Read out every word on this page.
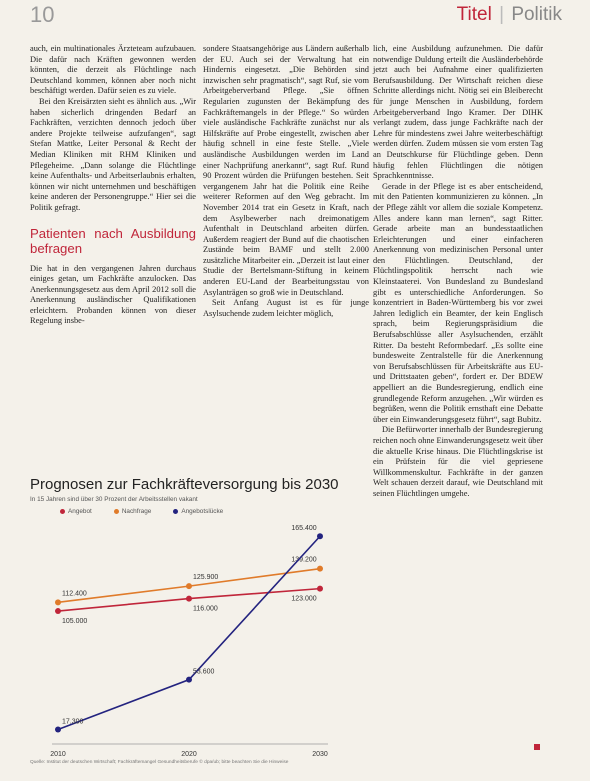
10	Titel | Politik

auch, ein multinationales Ärzteteam aufzubauen. Die dafür nach Kräften gewonnen werden könnten, die derzeit als Flüchtlinge nach Deutschland kommen, können aber noch nicht beschäftigt werden. Dafür seien es zu viele.

Bei den Kreisärzten sieht es ähnlich aus. „Wir haben sicherlich dringenden Bedarf an Fachkräften, verzichten dennoch jedoch über andere Projekte teilweise aufzufangen“, sagt Stefan Mattke, Leiter Personal & Recht der Median Kliniken mit RHM Kliniken und Pflegeheime. „Dann solange die Flüchtlinge keine Aufenthalts- und Arbeitserlaubnis erhalten, können wir nicht unternehmen und beschäftigen keine anderen der Personengruppe.“ Hier sei die Politik gefragt.

Patienten nach Ausbildung befragen

Die hat in den vergangenen Jahren durchaus einiges getan, um Fachkräfte anzulocken. Das Anerkennungsgesetz aus dem April 2012 soll die Anerkennung ausländischer Qualifikationen erleichtern. Probanden können von dieser Regelung insbe-

sondere Staatsangehörige aus Ländern außerhalb der EU. Auch sei der Verwaltung hat ein Hindernis eingesetzt. „Die Behörden sind inzwischen sehr pragmatisch“, sagt Ruf, sie vom Arbeitgeberverband Pflege. „Sie öffnen Regularien zugunsten der Bekämpfung des Fachkräftemangels in der Pflege.“ So würden viele ausländische Fachkräfte zunächst nur als Hilfskräfte auf Probe eingestellt, zwischen aber häufig schnell in eine feste Stelle. „Viele ausländische Ausbildungen werden im Land einer Nachprüfung anerkannt“, sagt Ruf. Rund 90 Prozent würden die Prüfungen bestehen. Seit vergangenem Jahr hat die Politik eine Reihe weiterer Reformen auf den Weg gebracht. Im November 2014 trat ein Gesetz in Kraft, nach dem Asylbewerber nach dreimonatigem Aufenthalt in Deutschland arbeiten dürfen. Außerdem reagiert der Bund auf die chaotischen Zustände beim BAMF und stellt 2.000 zusätzliche Mitarbeiter ein. „Derzeit ist laut einer Studie der Bertelsmann-Stiftung in keinem anderen EU-Land der Bearbeitungsstau von Asylanträgen so groß wie in Deutschland.

Seit Anfang August ist es für junge Asylsuchende zudem leichter möglich,

lich, eine Ausbildung aufzunehmen. Die dafür notwendige Duldung erteilt die Ausländerbehörde jetzt auch bei Aufnahme einer qualifizierten Berufsausbildung. Der Wirtschaft reichen diese Schritte allerdings nicht. Nötig sei ein Bleiberecht für junge Menschen in Ausbildung, fordern Arbeitgeberverband Ingo Kramer. Der DIHK verlangt zudem, dass junge Fachkräfte nach der Lehre für mindestens zwei Jahre weiterbeschäftigt werden dürfen. Zudem müssen sie vom ersten Tag an Deutschkurse für Flüchtlinge geben. Denn häufig fehlen Flüchtlingen die nötigen Sprachkenntnisse.

Gerade in der Pflege ist es aber entscheidend, mit den Patienten kommunizieren zu können. „In der Pflege zählt vor allem die soziale Kompetenz. Alles andere kann man lernen“, sagt Ritter. Gerade arbeite man an bundesstaatlichen Erleichterungen und einer einfacheren Anerkennung von medizinischen Personal unter den Flüchtlingen. Deutschland, der Flüchtlingspolitik herrscht nach wie Kleinstaaterei. Von Bundesland zu Bundesland gibt es unterschiedliche Anforderungen. So konzentriert in Baden-Württemberg bis vor zwei Jahren lediglich ein Beamter, der kein Englisch sprach, beim Regierungspräsidium die Berufsabschlüsse aller Asylsuchenden, erzählt Ritter. Da besteht Reformbedarf. „Es sollte eine bundesweite Zentralstelle für die Anerkennung von Berufsabschlüssen für Arbeitskräfte aus EU- und Drittstaaten geben“, fordert er. Der BDEW appelliert an die Bundesregierung, endlich eine grundlegende Reform anzugehen. „Wir würden es begrüßen, wenn die Politik ernsthaft eine Debatte über ein Einwanderungsgesetz führt“, sagt Bubitz.

Die Befürworter innerhalb der Bundesregierung reichen noch ohne Einwanderungsgesetz weit über die aktuelle Krise hinaus. Die Flüchtlingskrise ist ein Prüfstein für die viel gepriesene Willkommenskultur. Fachkräfte in der ganzen Welt schauen derzeit darauf, wie Deutschland mit seinen Flüchtlingen umgehe.

Prognosen zur Fachkräfteversorgung bis 2030
In 15 Jahren sind über 30 Prozent der Arbeitsstellen vakant
Angebot	Nachfrage	Angebotslücke
2010	2020	2030
105.000
116.000
123.000
112.400
125.900
139.200
17.300
53.600
165.400
Quelle: Institut der deutschen Wirtschaft; Fachkräftemangel Gesundheitsberufe © dpa/ub; bitte beachten Sie die Hinweise
